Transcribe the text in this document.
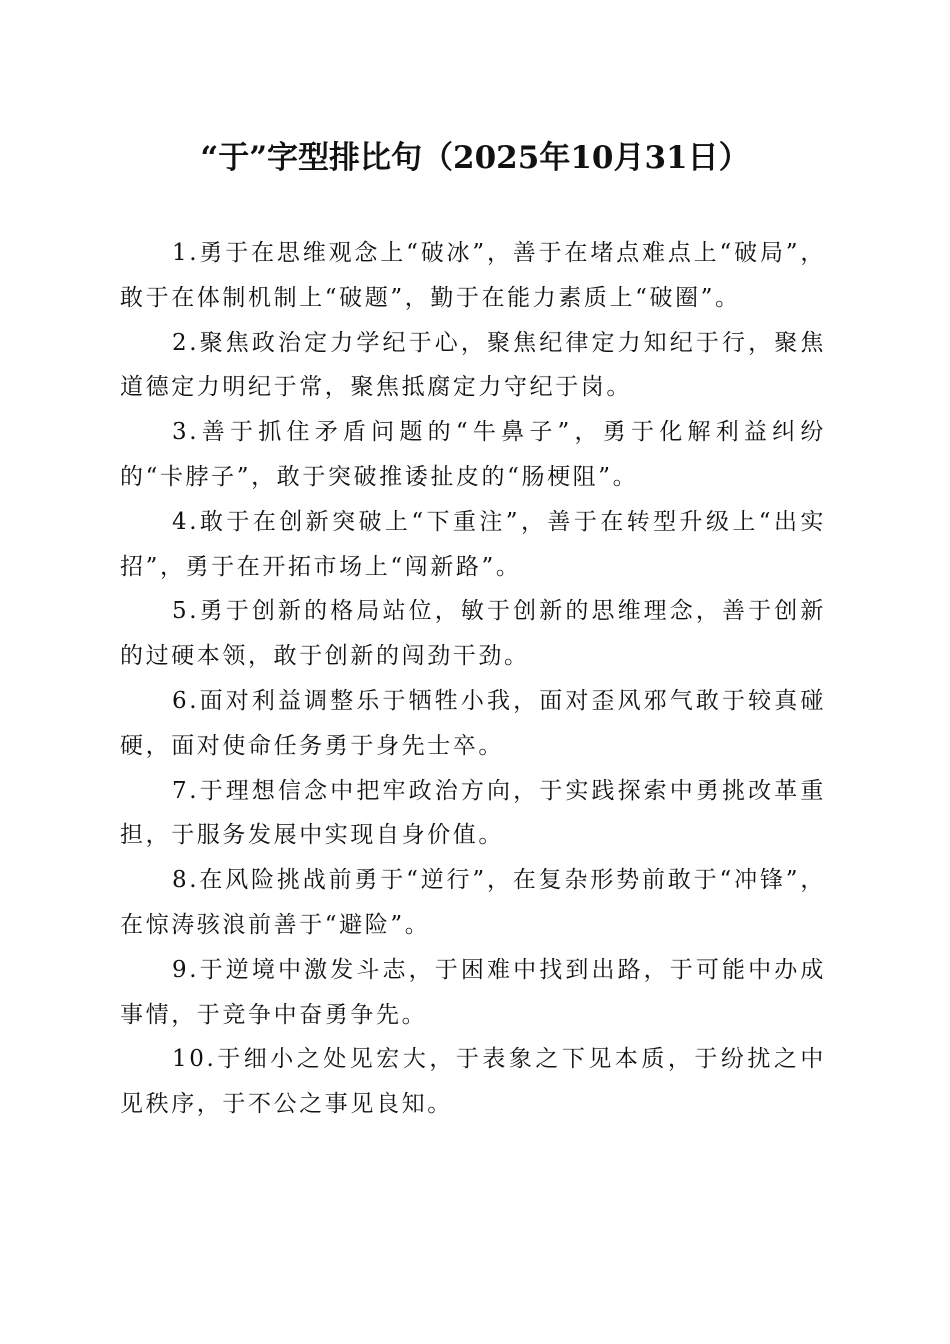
“于”字型排比句（2025年10月31日）

1.勇于在思维观念上“破冰”，善于在堵点难点上“破局”，敢于在体制机制上“破题”，勤于在能力素质上“破圈”。

2.聚焦政治定力学纪于心，聚焦纪律定力知纪于行，聚焦道德定力明纪于常，聚焦抵腐定力守纪于岗。

3.善于抓住矛盾问题的“牛鼻子”，勇于化解利益纠纷的“卡脖子”，敢于突破推诿扯皮的“肠梗阻”。

4.敢于在创新突破上“下重注”，善于在转型升级上“出实招”，勇于在开拓市场上“闯新路”。

5.勇于创新的格局站位，敏于创新的思维理念，善于创新的过硬本领，敢于创新的闯劲干劲。

6.面对利益调整乐于牺牲小我，面对歪风邪气敢于较真碰硬，面对使命任务勇于身先士卒。

7.于理想信念中把牢政治方向，于实践探索中勇挑改革重担，于服务发展中实现自身价值。

8.在风险挑战前勇于“逆行”，在复杂形势前敢于“冲锋”，在惊涛骇浪前善于“避险”。

9.于逆境中激发斗志，于困难中找到出路，于可能中办成事情，于竞争中奋勇争先。

10.于细小之处见宏大，于表象之下见本质，于纷扰之中见秩序，于不公之事见良知。
